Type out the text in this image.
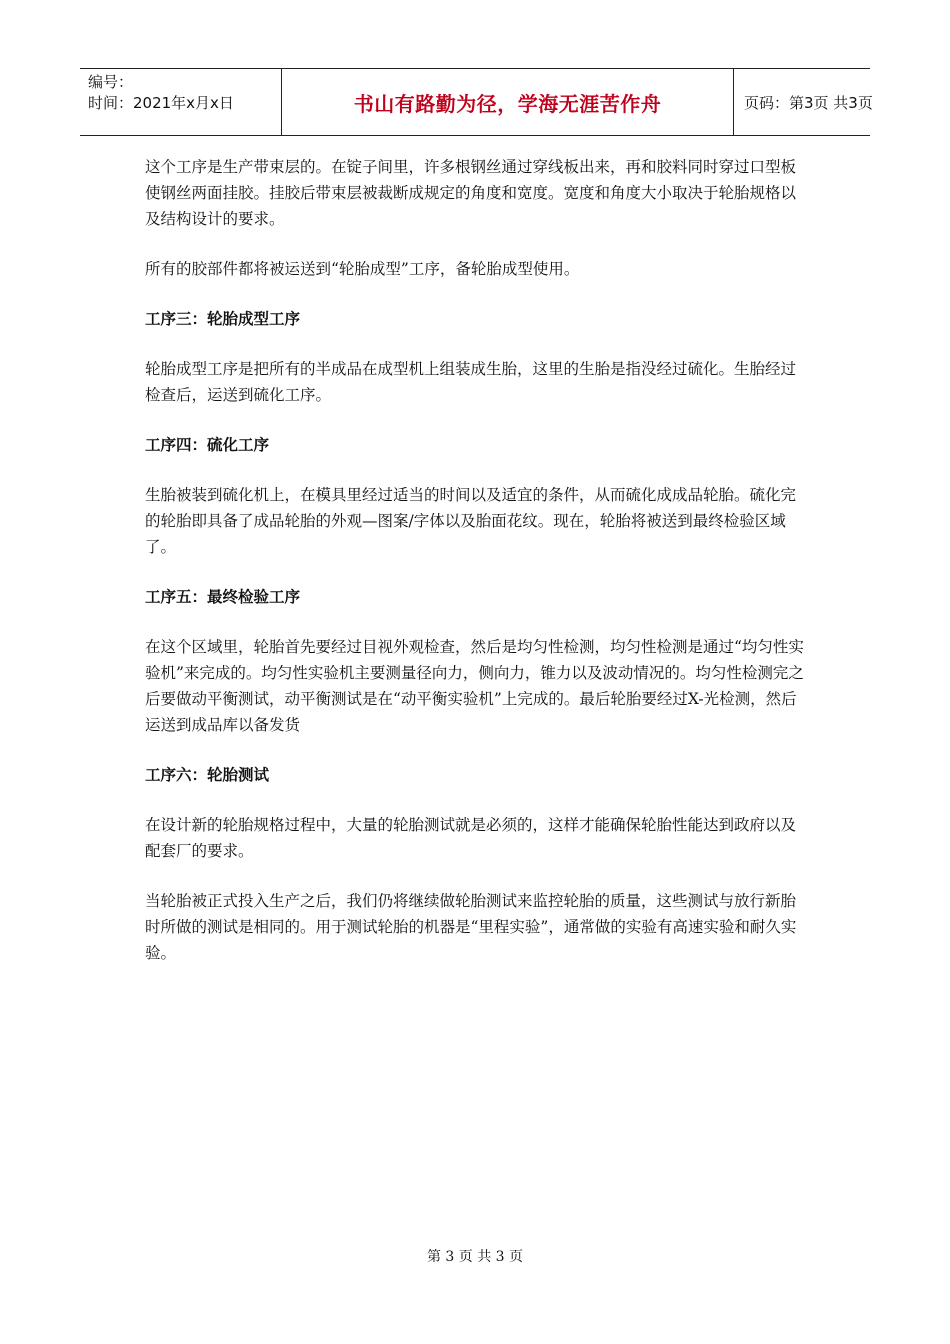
编号：
时间：2021年x月x日	书山有路勤为径，学海无涯苦作舟	页码：第3页 共3页

这个工序是生产带束层的。在锭子间里，许多根钢丝通过穿线板出来，再和胶料同时穿过口型板使钢丝两面挂胶。挂胶后带束层被裁断成规定的角度和宽度。宽度和角度大小取决于轮胎规格以及结构设计的要求。

所有的胶部件都将被运送到“轮胎成型”工序，备轮胎成型使用。

工序三：轮胎成型工序

轮胎成型工序是把所有的半成品在成型机上组装成生胎，这里的生胎是指没经过硫化。生胎经过检查后，运送到硫化工序。

工序四：硫化工序

生胎被装到硫化机上，在模具里经过适当的时间以及适宜的条件，从而硫化成成品轮胎。硫化完的轮胎即具备了成品轮胎的外观—图案/字体以及胎面花纹。现在，轮胎将被送到最终检验区域了。

工序五：最终检验工序

在这个区域里，轮胎首先要经过目视外观检查，然后是均匀性检测，均匀性检测是通过“均匀性实验机”来完成的。均匀性实验机主要测量径向力，侧向力，锥力以及波动情况的。均匀性检测完之后要做动平衡测试，动平衡测试是在“动平衡实验机”上完成的。最后轮胎要经过X-光检测，然后运送到成品库以备发货

工序六：轮胎测试

在设计新的轮胎规格过程中，大量的轮胎测试就是必须的，这样才能确保轮胎性能达到政府以及配套厂的要求。

当轮胎被正式投入生产之后，我们仍将继续做轮胎测试来监控轮胎的质量，这些测试与放行新胎时所做的测试是相同的。用于测试轮胎的机器是“里程实验”，通常做的实验有高速实验和耐久实验。

第 3 页 共 3 页
